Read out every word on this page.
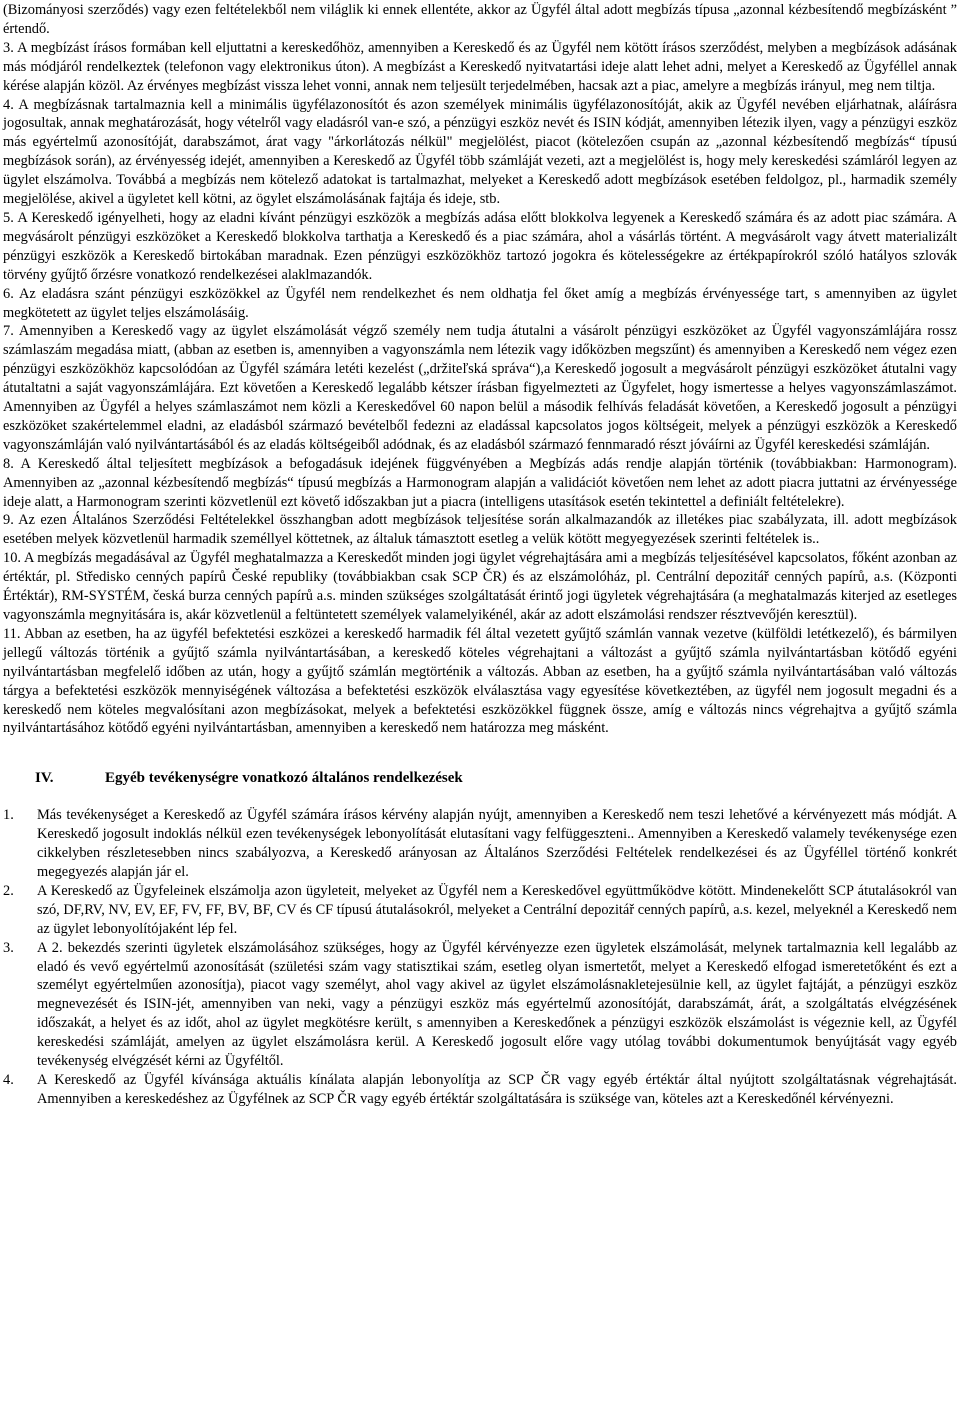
(Bizományosi szerződés) vagy ezen feltételekből nem világlik ki ennek ellentéte, akkor az Ügyfél által adott megbízás típusa „azonnal kézbesítendő megbízásként ” értendő.

3. A megbízást írásos formában kell eljuttatni a kereskedőhöz, amennyiben a Kereskedő és az Ügyfél nem kötött írásos szerződést, melyben a megbízások adásának más módjáról rendelkeztek (telefonon vagy elektronikus úton). A megbízást a Kereskedő nyitvatartási ideje alatt lehet adni, melyet a Kereskedő az Ügyféllel annak kérése alapján közöl. Az érvényes megbízást vissza lehet vonni, annak nem teljesült terjedelmében, hacsak azt a piac, amelyre a megbízás irányul, meg nem tiltja.

4. A megbízásnak tartalmaznia kell a minimális ügyfélazonosítót és azon személyek minimális ügyfélazonosítóját, akik az Ügyfél nevében eljárhatnak, aláírásra jogosultak, annak meghatározását, hogy vételről vagy eladásról van-e szó, a pénzügyi eszköz nevét és ISIN kódját, amennyiben létezik ilyen, vagy a pénzügyi eszköz más egyértelmű azonosítóját, darabszámot, árat vagy "árkorlátozás nélkül" megjelölést, piacot (kötelezően csupán az „azonnal kézbesítendő megbízás“ típusú megbízások során), az érvényesség idejét, amennyiben a Kereskedő az Ügyfél több számláját vezeti, azt a megjelölést is, hogy mely kereskedési számláról legyen az ügylet elszámolva. Továbbá a megbízás nem kötelező adatokat is tartalmazhat, melyeket a Kereskedő adott megbízások esetében feldolgoz, pl., harmadik személy megjelölése, akivel a ügyletet kell kötni, az ögylet elszámolásának fajtája és ideje, stb.

5. A Kereskedő igényelheti, hogy az eladni kívánt pénzügyi eszközök a megbízás adása előtt blokkolva legyenek a Kereskedő számára és az adott piac számára. A megvásárolt pénzügyi eszközöket a Kereskedő blokkolva tarthatja a Kereskedő és a piac számára, ahol a vásárlás történt. A megvásárolt vagy átvett materializált pénzügyi eszközök a Kereskedő birtokában maradnak. Ezen pénzügyi eszközökhöz tartozó jogokra és kötelességekre az értékpapírokról szóló hatályos szlovák törvény gyűjtő őrzésre vonatkozó rendelkezései alaklmazandók.

6. Az eladásra szánt pénzügyi eszközökkel az Ügyfél nem rendelkezhet és nem oldhatja fel őket amíg a megbízás érvényessége tart, s amennyiben az ügylet megkötetett az ügylet teljes elszámolásáig.

7. Amennyiben a Kereskedő vagy az ügylet elszámolását végző személy nem tudja átutalni a vásárolt pénzügyi eszközöket az Ügyfél vagyonszámlájára rossz számlaszám megadása miatt, (abban az esetben is, amennyiben a vagyonszámla nem létezik vagy időközben megszűnt) és amennyiben a Kereskedő nem végez ezen pénzügyi eszközökhöz kapcsolódóan az Ügyfél számára letéti kezelést („držiteľská správa“),a Kereskedő jogosult a megvásárolt pénzügyi eszközöket átutalni vagy átutaltatni a saját vagyonszámlájára. Ezt követően a Kereskedő legalább kétszer írásban figyelmezteti az Ügyfelet, hogy ismertesse a helyes vagyonszámlaszámot. Amennyiben az Ügyfél a helyes számlaszámot nem közli a Kereskedővel 60 napon belül a második felhívás feladását követően, a Kereskedő jogosult a pénzügyi eszközöket szakértelemmel eladni, az eladásból származó bevételből fedezni az eladással kapcsolatos jogos költségeit, melyek a pénzügyi eszközök a Kereskedő vagyonszámláján való nyilvántartásából és az eladás költségeiből adódnak, és az eladásból származó fennmaradó részt jóváírni az Ügyfél kereskedési számláján.

8. A Kereskedő által teljesített megbízások a befogadásuk idejének függvényében a Megbízás adás rendje alapján történik (továbbiakban: Harmonogram). Amennyiben az „azonnal kézbesítendő megbízás“ típusú megbízás a Harmonogram alapján a validációt követően nem lehet az adott piacra juttatni az érvényessége ideje alatt, a Harmonogram szerinti közvetlenül ezt követő időszakban jut a piacra (intelligens utasítások esetén tekintettel a definiált feltételekre).

9. Az ezen Általános Szerződési Feltételekkel összhangban adott megbízások teljesítése során alkalmazandók az illetékes piac szabályzata, ill. adott megbízások esetében melyek közvetlenül harmadik személlyel köttetnek, az általuk támasztott esetleg a velük kötött megyegyezések szerinti feltételek is..

10. A megbízás megadásával az Ügyfél meghatalmazza a Kereskedőt minden jogi ügylet végrehajtására ami a megbízás teljesítésével kapcsolatos, főként azonban az értéktár, pl. Středisko cenných papírů České republiky (továbbiakban csak SCP ČR) és az elszámolóház, pl. Centrální depozitář cenných papírů, a.s. (Központi Értéktár), RM-SYSTÉM, česká burza cenných papírů a.s. minden szükséges szolgáltatását érintő jogi ügyletek végrehajtására (a meghatalmazás kiterjed az esetleges vagyonszámla megnyitására is, akár közvetlenül a feltüntetett személyek valamelyikénél, akár az adott elszámolási rendszer résztvevőjén keresztül).

11. Abban az esetben, ha az ügyfél befektetési eszközei a kereskedő harmadik fél által vezetett gyűjtő számlán vannak vezetve (külföldi letétkezelő), és bármilyen jellegű változás történik a gyűjtő számla nyilvántartásában, a kereskedő köteles végrehajtani a változást a gyűjtő számla nyilvántartásban kötődő egyéni nyilvántartásban megfelelő időben az után, hogy a gyűjtő számlán megtörténik a változás. Abban az esetben, ha a gyűjtő számla nyilvántartásában való változás tárgya a befektetési eszközök mennyiségének változása a befektetési eszközök elválasztása vagy egyesítése következtében, az ügyfél nem jogosult megadni és a kereskedő nem köteles megvalósítani azon megbízásokat, melyek a befektetési eszközökkel függnek össze, amíg e változás nincs végrehajtva a gyűjtő számla nyilvántartásához kötődő egyéni nyilvántartásban, amennyiben a kereskedő nem határozza meg másként.

IV.	Egyéb tevékenységre vonatkozó általános rendelkezések
1.	Más tevékenységet a Kereskedő az Ügyfél számára írásos kérvény alapján nyújt, amennyiben a Kereskedő nem teszi lehetővé a kérvényezett más módját. A Kereskedő jogosult indoklás nélkül ezen tevékenységek lebonyolítását elutasítani vagy felfüggeszteni.. Amennyiben a Kereskedő valamely tevékenysége ezen cikkelyben részletesebben nincs szabályozva, a Kereskedő arányosan az Általános Szerződési Feltételek rendelkezései és az Ügyféllel történő konkrét megegyezés alapján jár el.
2.	A Kereskedő az Ügyfeleinek elszámolja azon ügyleteit, melyeket az Ügyfél nem a Kereskedővel együttműködve kötött. Mindenekelőtt SCP átutalásokról van szó, DF,RV, NV, EV, EF, FV, FF, BV, BF, CV és CF típusú átutalásokról, melyeket a Centrální depozitář cenných papírů, a.s. kezel, melyeknél a Kereskedő nem az ügylet lebonyolítójaként lép fel.
3.	A 2. bekezdés szerinti ügyletek elszámolásához szükséges, hogy az Ügyfél kérvényezze ezen ügyletek elszámolását, melynek tartalmaznia kell legalább az eladó és vevő egyértelmű azonosítását (születési szám vagy statisztikai szám, esetleg olyan ismertetőt, melyet a Kereskedő elfogad ismeretetőként és ezt a személyt egyértelműen azonosítja), piacot vagy személyt, ahol vagy akivel az ügylet elszámolásnakletejesülnie kell, az ügylet fajtáját, a pénzügyi eszköz megnevezését és ISIN-jét, amennyiben van neki, vagy a pénzügyi eszköz más egyértelmű azonosítóját, darabszámát, árát, a szolgáltatás elvégzésének időszakát, a helyet és az időt, ahol az ügylet megkötésre került, s amennyiben a Kereskedőnek a pénzügyi eszközök elszámolást is végeznie kell, az Ügyfél kereskedési számláját, amelyen az ügylet elszámolásra kerül. A Kereskedő jogosult előre vagy utólag további dokumentumok benyújtását vagy egyéb tevékenység elvégzését kérni az Ügyféltől.
4.	A Kereskedő az Ügyfél kívánsága aktuális kínálata alapján lebonyolítja az SCP ČR vagy egyéb értéktár által nyújtott szolgáltatásnak végrehajtását. Amennyiben a kereskedéshez az Ügyfélnek az SCP ČR vagy egyéb értéktár szolgáltatására is szüksége van, köteles azt a Kereskedőnél kérvényezni.
